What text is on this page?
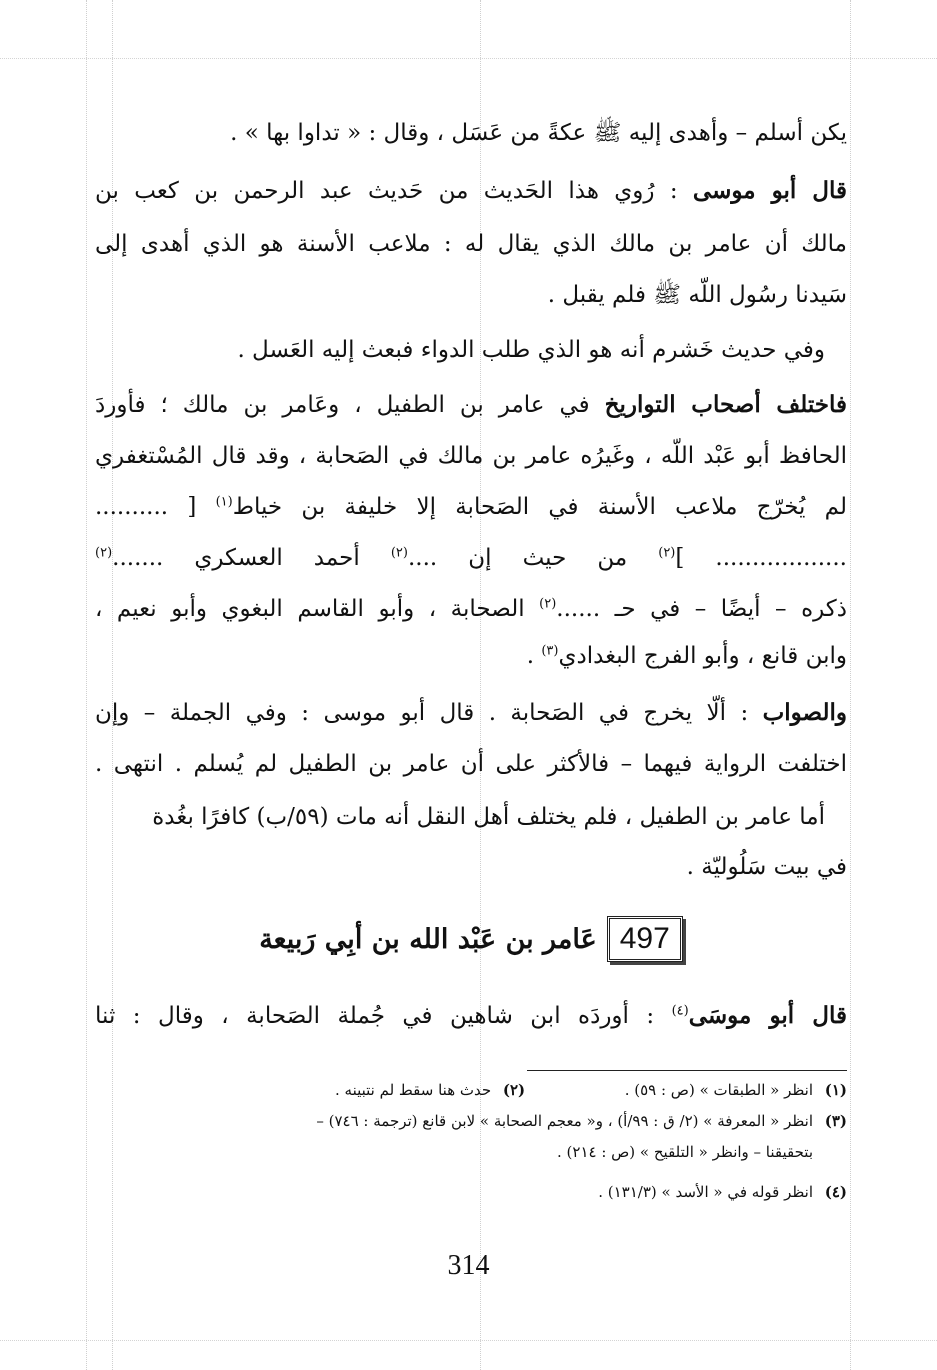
يكن أسلم – وأهدى إليه ﷺ عكةً من عَسَل ، وقال : « تداوا بها » .
قال أبو موسى : رُوي هذا الحَديث من حَديث عبد الرحمن بن كعب بن
مالك أن عامر بن مالك الذي يقال له : ملاعب الأسنة هو الذي أهدى إلى
سَيدنا رسُول اللّه ﷺ فلم يقبل .
وفي حديث خَشرم أنه هو الذي طلب الدواء فبعث إليه العَسل .
فاختلف أصحاب التواريخ في عامر بن الطفيل ، وعَامر بن مالك ؛ فأوردَ
الحافظ أبو عَبْد اللّه ، وغَيرُه عامر بن مالك في الصَحابة ، وقد قال المُسْتغفري
لم يُخرّج ملاعب الأسنة في الصَحابة إلا خليفة بن خياط$^{(١)}$ [ ..........
.................. ]$^{(٢)}$ من حيث إن ....$^{(٢)}$ أحمد العسكري .......$^{(٢)}$
ذكره – أيضًا – في حـ ......$^{(٢)}$ الصحابة ، وأبو القاسم البغوي وأبو نعيم ،
وابن قانع ، وأبو الفرج البغدادي$^{(٣)}$ .
والصواب : ألّا يخرج في الصَحابة . قال أبو موسى : وفي الجملة – وإن
اختلفت الرواية فيهما – فالأكثر على أن عامر بن الطفيل لم يُسلم . انتهى .
أما عامر بن الطفيل ، فلم يختلف أهل النقل أنه مات (٥٩/ب) كافرًا بغُدة
في بيت سَلُوليّة .
497
عَامر بن عَبْد الله بن أبِي رَبيعة
قال أبو موسَى$^{(٤)}$ : أوردَه ابن شاهين في جُملة الصَحابة ، وقال : ثنا
(١)انظر « الطبقات » (ص : ٥٩) .  (٢)حدث هنا سقط لم نتبينه .
(٣)انظر « المعرفة » (٢/ ق : ٩٩/أ) ، و« معجم الصحابة » لابن قانع (ترجمة : ٧٤٦) –
بتحقيقنا – وانظر « التلقيح » (ص : ٢١٤) .
(٤)انظر قوله في « الأسد » (١٣١/٣) .
314
